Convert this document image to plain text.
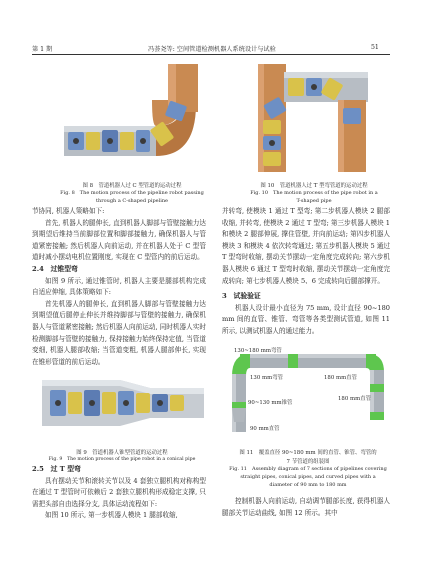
第 1 期	冯荟尧等: 空间管道检测机器人系统设计与试验	51
图 8　管道机器人过 C 型管道的运动过程
Fig. 8　The motion process of the pipeline robot passing
through a C-shaped pipeline
图 10　管道机器人过 T 型弯管道的运动过程
Fig. 10　The motion process of the pipe robot in a
T-shaped pipe

节协同, 机器人策略如下:

首先, 机器人的腿伸长, 直到机器人脚部与管壁接触力达到期望后维持当前脚部位置和脚部接触力, 确保机器人与管道紧密接触; 然后机器人向前运动, 并在机器人处于 C 型管道时减小摆动电机位置刚度, 实现在 C 型管内的前后运动。

2.4　过锥型弯

如图 9 所示, 通过锥管时, 机器人主要是腿部机构完成自适应伸缩, 具体策略如下:

首先机器人的腿伸长, 直到机器人脚部与管壁接触力达到期望值后腿停止伸长并维持脚部与管壁的接触力, 确保机器人与管道紧密接触; 然后机器人向前运动, 同时机器人实时检测脚部与管壁的接触力, 保持接触力始终保持定值, 当管道变细, 机器人腿部收缩; 当管道变粗, 机器人腿部伸长, 实现在锥形管道的前后运动。

图 9　管道机器人锥型管道的运动过程
Fig. 9　The motion process of the pipe robot in a conical pipe

2.5　过 T 型弯

具有摆动关节和滚转关节以及 4 套独立腿机构对称构型在通过 T 型管时可依赖后 2 套独立腿机构形成稳定支撑, 只需把头部自由选择分支, 具体运动流程如下:

如图 10 所示, 第一步机器人模块 1 腿部收缩,

并转弯, 使模块 1 通过 T 型弯; 第二步机器人模块 2 腿部收缩, 并转弯, 使模块 2 通过 T 型弯; 第三步机器人模块 1 和模块 2 腿部伸展, 撑住管壁, 并向前运动; 第四步机器人模块 3 和模块 4 依次转弯通过; 第五步机器人模块 5 通过 T 型弯时收缩, 摆动关节摆动一定角度完成转向; 第六步机器人模块 6 通过 T 型弯时收缩, 摆动关节摆动一定角度完成转向; 第七步机器人模块 5、6 完成转向后腿部撑开。

3　试验验证

机器人设计最小直径为 75 mm, 设计直径 90~180 mm 间的直管、锥管、弯管等各类型测试管道, 如图 11 所示, 以测试机器人的通过能力。

130~180 mm弯管
130 mm弯管	180 mm直管
180 mm直管
90~130 mm锥管
90 mm直管
图 11　覆盖直径 90~180 mm 间的直管、锥管、弯管的
7 节管道的组装图
Fig. 11　Assembly diagram of 7 sections of pipelines covering
straight pipes, conical pipes, and curved pipes with a
diameter of 90 mm to 180 mm

控制机器人向前运动, 自动调节腿部长度, 获得机器人腿部关节运动曲线, 如图 12 所示。其中
